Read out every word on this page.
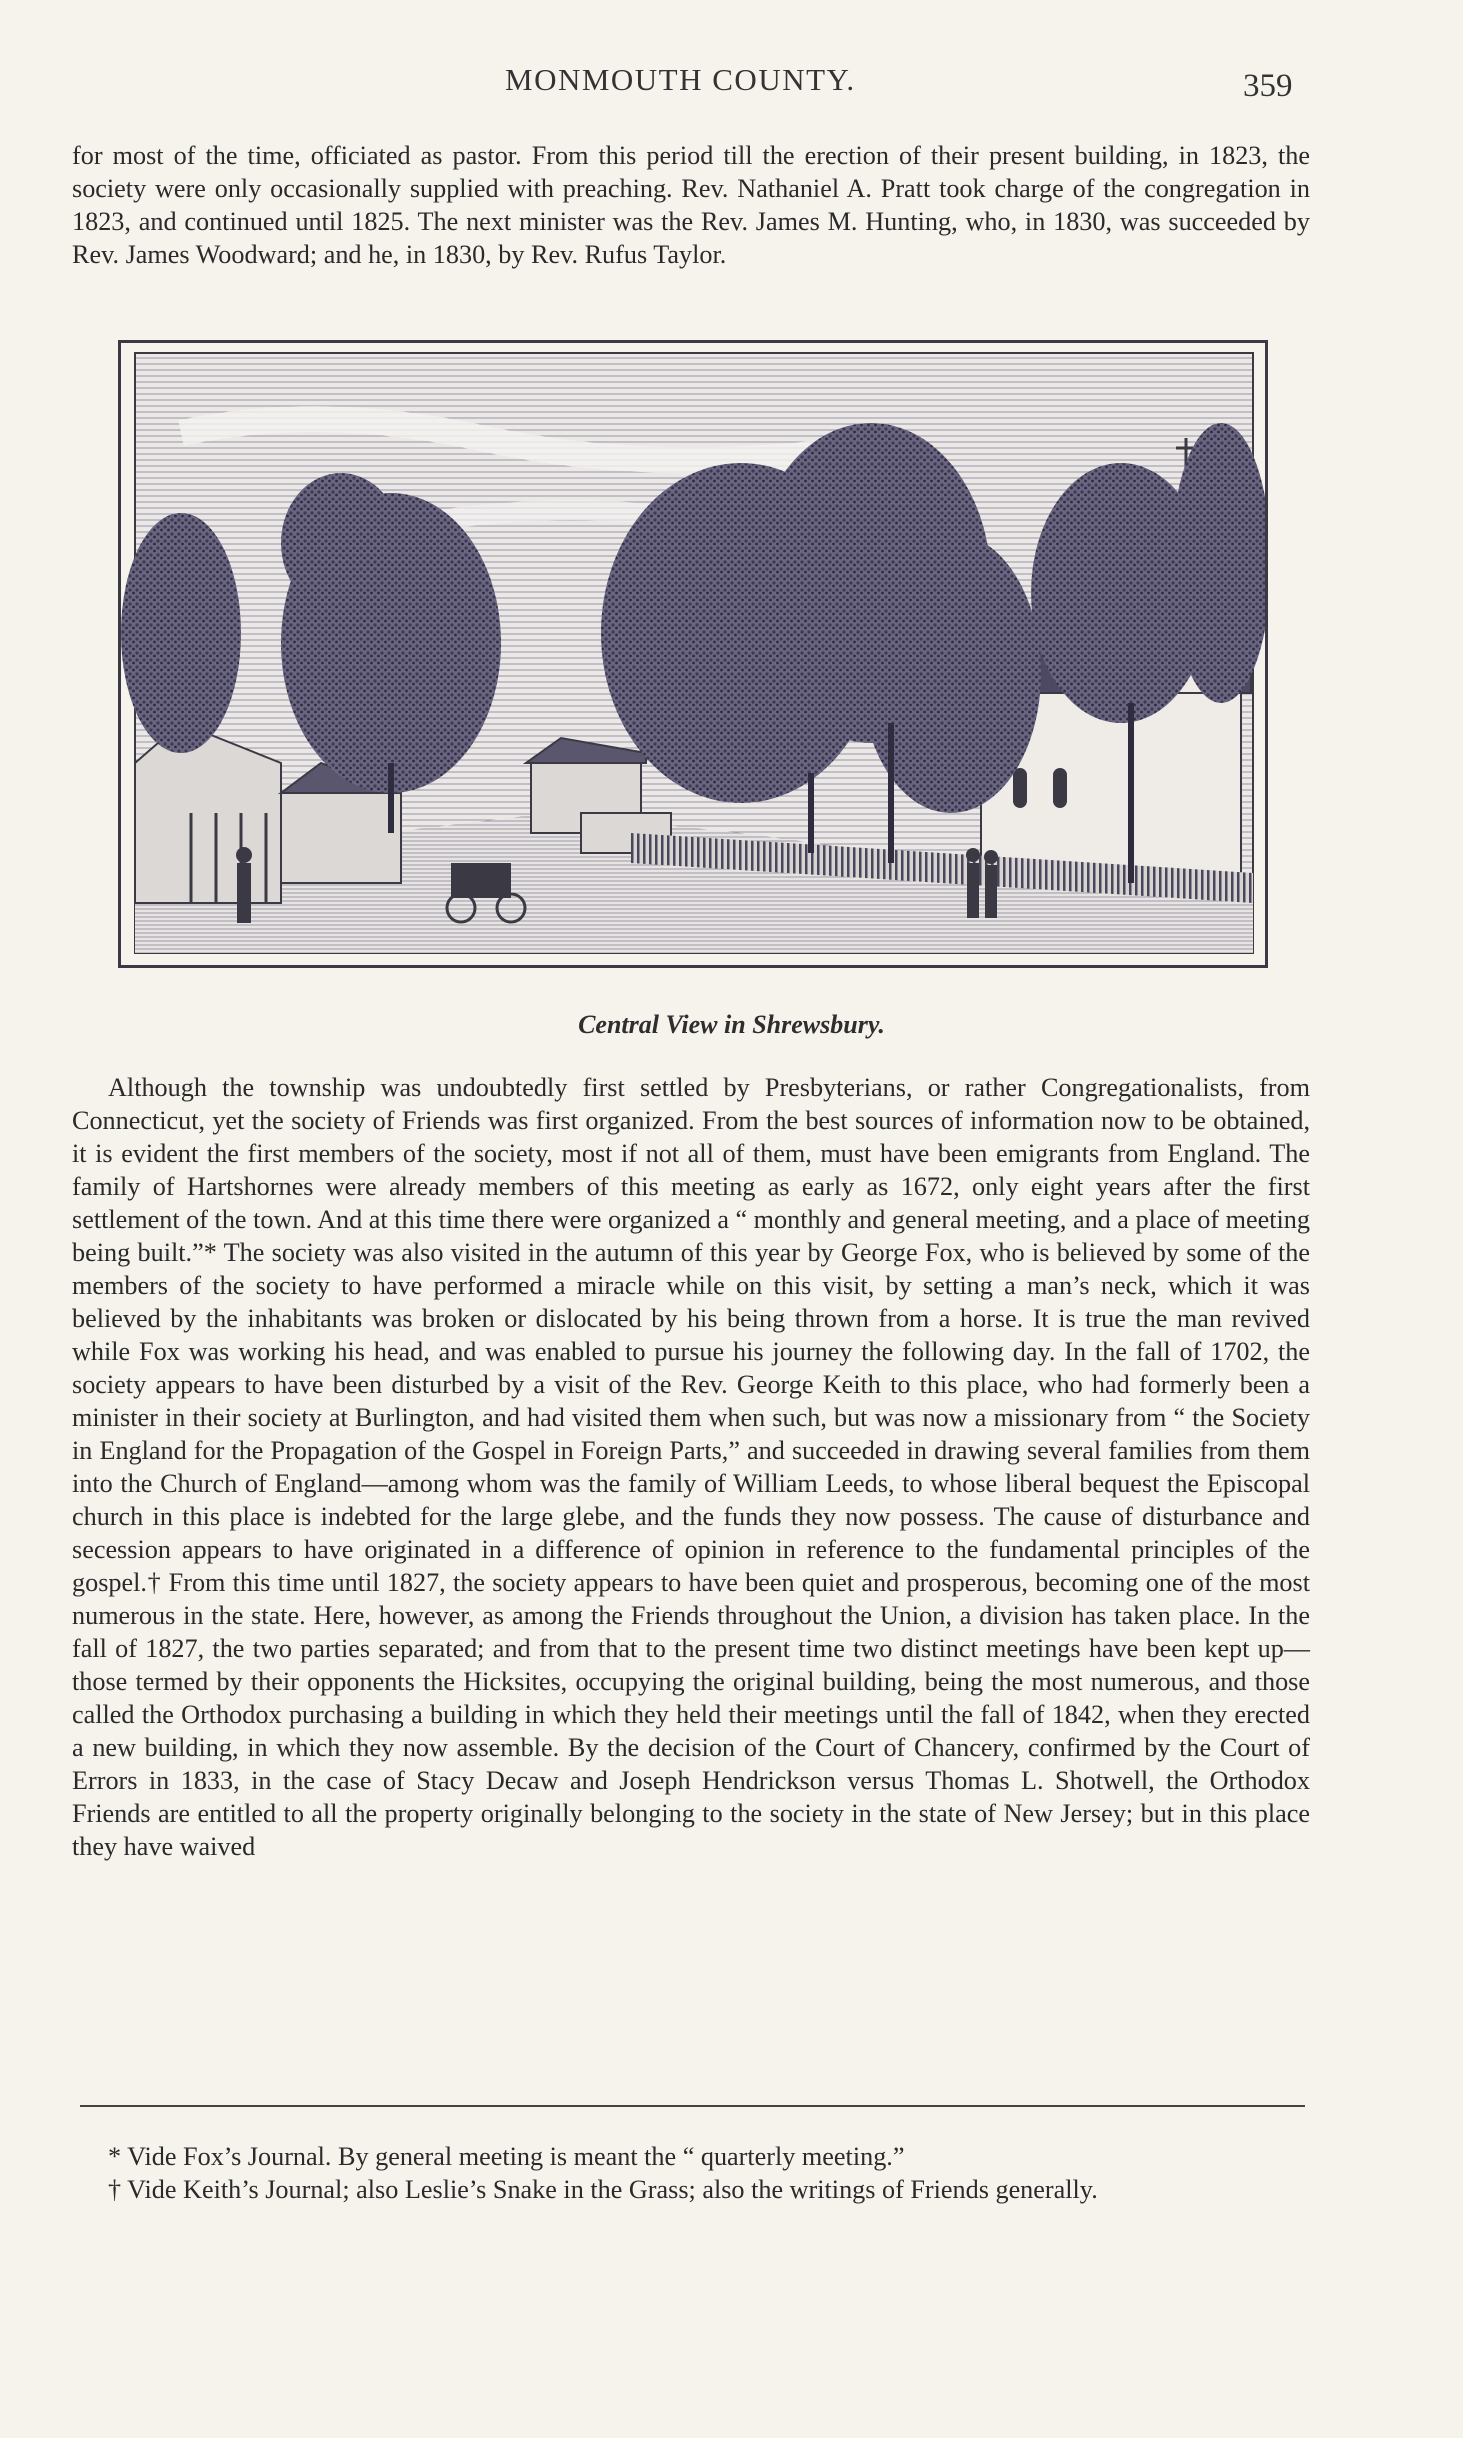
MONMOUTH COUNTY.	359

for most of the time, officiated as pastor. From this period till the erection of their present building, in 1823, the society were only occasionally supplied with preaching. Rev. Nathaniel A. Pratt took charge of the congregation in 1823, and continued until 1825. The next minister was the Rev. James M. Hunting, who, in 1830, was succeeded by Rev. James Woodward; and he, in 1830, by Rev. Rufus Taylor.

Central View in Shrewsbury.

Although the township was undoubtedly first settled by Presbyterians, or rather Congregationalists, from Connecticut, yet the society of Friends was first organized. From the best sources of information now to be obtained, it is evident the first members of the society, most if not all of them, must have been emigrants from England. The family of Hartshornes were already members of this meeting as early as 1672, only eight years after the first settlement of the town. And at this time there were organized a “ monthly and general meeting, and a place of meeting being built.”* The society was also visited in the autumn of this year by George Fox, who is believed by some of the members of the society to have performed a miracle while on this visit, by setting a man’s neck, which it was believed by the inhabitants was broken or dislocated by his being thrown from a horse. It is true the man revived while Fox was working his head, and was enabled to pursue his journey the following day. In the fall of 1702, the society appears to have been disturbed by a visit of the Rev. George Keith to this place, who had formerly been a minister in their society at Burlington, and had visited them when such, but was now a missionary from “ the Society in England for the Propagation of the Gospel in Foreign Parts,” and succeeded in drawing several families from them into the Church of England—among whom was the family of William Leeds, to whose liberal bequest the Episcopal church in this place is indebted for the large glebe, and the funds they now possess. The cause of disturbance and secession appears to have originated in a difference of opinion in reference to the fundamental principles of the gospel.† From this time until 1827, the society appears to have been quiet and prosperous, becoming one of the most numerous in the state. Here, however, as among the Friends throughout the Union, a division has taken place. In the fall of 1827, the two parties separated; and from that to the present time two distinct meetings have been kept up—those termed by their opponents the Hicksites, occupying the original building, being the most numerous, and those called the Orthodox purchasing a building in which they held their meetings until the fall of 1842, when they erected a new building, in which they now assemble. By the decision of the Court of Chancery, confirmed by the Court of Errors in 1833, in the case of Stacy Decaw and Joseph Hendrickson versus Thomas L. Shotwell, the Orthodox Friends are entitled to all the property originally belonging to the society in the state of New Jersey; but in this place they have waived

* Vide Fox’s Journal. By general meeting is meant the “ quarterly meeting.”

† Vide Keith’s Journal; also Leslie’s Snake in the Grass; also the writings of Friends generally.
